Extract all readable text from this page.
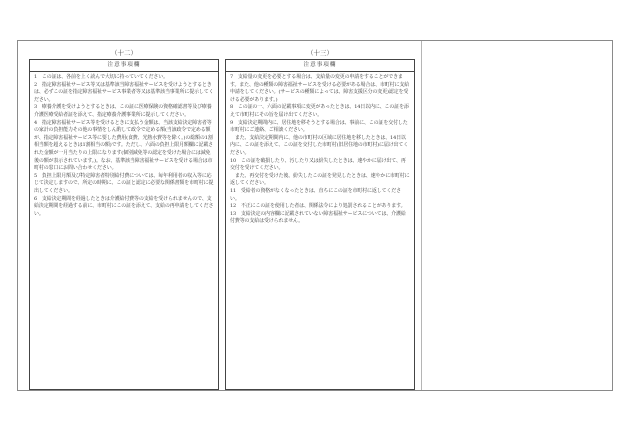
（十二）
注意事項欄

1　この証は、各前を上く読んで大切に持っていてください。

2　指定障害福祉サービス等又は基準該当障害福祉サービスを受けようとするときは、必ずこの証を指定障害福祉サービス事業者等又は基準該当事業所に提示してください。

3　療養介護を受けようとするときは、この証に医療保険の資格確認書等及び療養介護医療受給者証を添えて、指定療養介護事業所に提示してください。

4　指定障害福祉サービス等を受けるときに支払う金額は、当該支給決定障害者等の家計の負担能力その他の事情をしん酌して政令で定める額(当該政令で定める額が、指定障害福祉サービス等に要した費用(食費、光熱水費等を除く。)の総額の1割相当額を超えるときは1割相当の額)です。ただし、六面の負担上限月額欄に記載された金額が一月当たりの上限になります(個別減免等の認定を受けた場合には減免後の額が表示されています。)。なお、基準該当障害福祉サービスを受ける場合は市町村の窓口にお問い合わせください。

5　負担上限月額及び特定障害者特別給付費については、毎年利用者の収入等に応じて決定しますので、所定の時期に、この証と認定に必要な関係書類を市町村に提出してください。

6　支給決定期間を経過したときは介護給付費等の支給を受けられませんので、支給決定期間を経過する前に、市町村にこの証を添えて、支給の再申請をしてください。

（十三）
注意事項欄

7　支給量の変更を必要とする場合は、支給量の変更の申請をすることができます。また、他の種類の障害福祉サービスを受ける必要がある場合は、市町村に支給申請をしてください。(サービスの種類によっては、障害支援区分の変更)認定を受ける必要があります。)

8　この証の一、六面の記載事項に変更があったときは、14日以内に、この証を添えて市町村にその旨を届け出てください。

9　支給決定期間内に、居住地を移そうとする場合は、事前に、この証を交付した市町村にご連絡、ご相談ください。

　また、支給決定期間内に、他の市町村の区域に居住地を移したときは、14日以内に、この証を添えて、この証を交付した市町村(旧居住地の市町村)に届け出てください。

10　この証を破損したり、汚したり又は紛失したときは、速やかに届け出て、再交付を受けてください。

　また、再交付を受けた後、紛失したこの証を発見したときは、速やかに市町村に返してください。

11　受給者の資格がなくなったときは、直ちにこの証を市町村に返してください。

12　不正にこの証を使用した者は、関係法令により処罰されることがあります。

13　支給決定の内容欄に記載されていない障害福祉サービスについては、介護給付費等の支給は受けられません。
